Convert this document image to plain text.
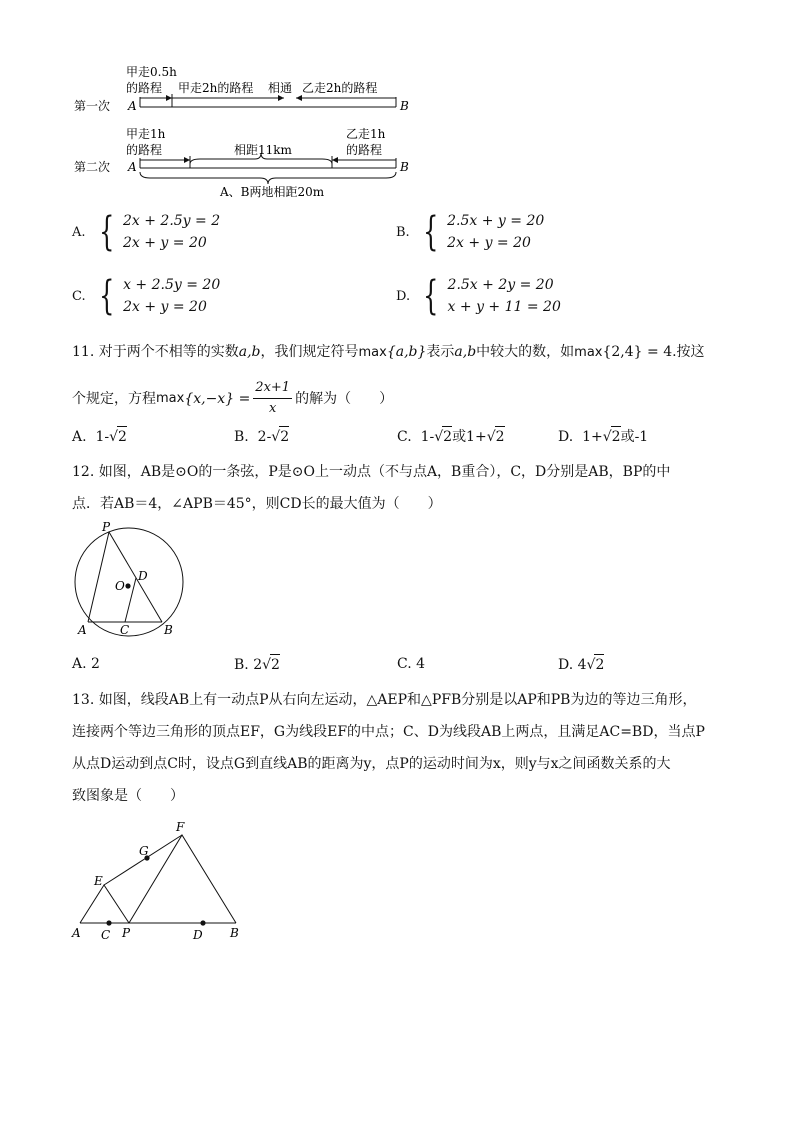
第一次 A	B
甲走0.5h
的路程 甲走2h的路程 相通 乙走2h的路程
第二次 A	B
甲走1h
的路程	相距11km
乙走1h
的路程
A、B两地相距20m
A. { 2x + 2.5y = 2
2x + y = 20
B. { 2.5x + y = 20
2x + y = 20
C. { x + 2.5y = 20
2x + y = 20
D. { 2.5x + 2y = 20
x + y + 11 = 20
11. 对于两个不相等的实数a,b，我们规定符号max{a,b}表示a,b中较大的数，如max{2,4} = 4.按这
个规定，方程 $\max \{x,-x\} = \frac{2x+1}{x}$ 的解为（　　）
A. 1-√2	B. 2-√2	C. 1-√2或1+√2	D. 1+√2或-1
12. 如图，AB是⊙O的一条弦，P是⊙O上一动点（不与点A，B重合），C，D分别是AB，BP的中
点．若AB＝4，∠APB＝45°，则CD长的最大值为（　　）
P
O
D
A	C	B
A. 2	B. 2√2	C. 4	D. 4√2
13. 如图，线段AB上有一动点P从右向左运动，△AEP和△PFB分别是以AP和PB为边的等边三角形，
连接两个等边三角形的顶点EF，G为线段EF的中点；C、D为线段AB上两点，且满足AC=BD，当点P
从点D运动到点C时，设点G到直线AB的距离为y，点P的运动时间为x，则y与x之间函数关系的大
致图象是（　　）
F
G
E
A C P	D B
